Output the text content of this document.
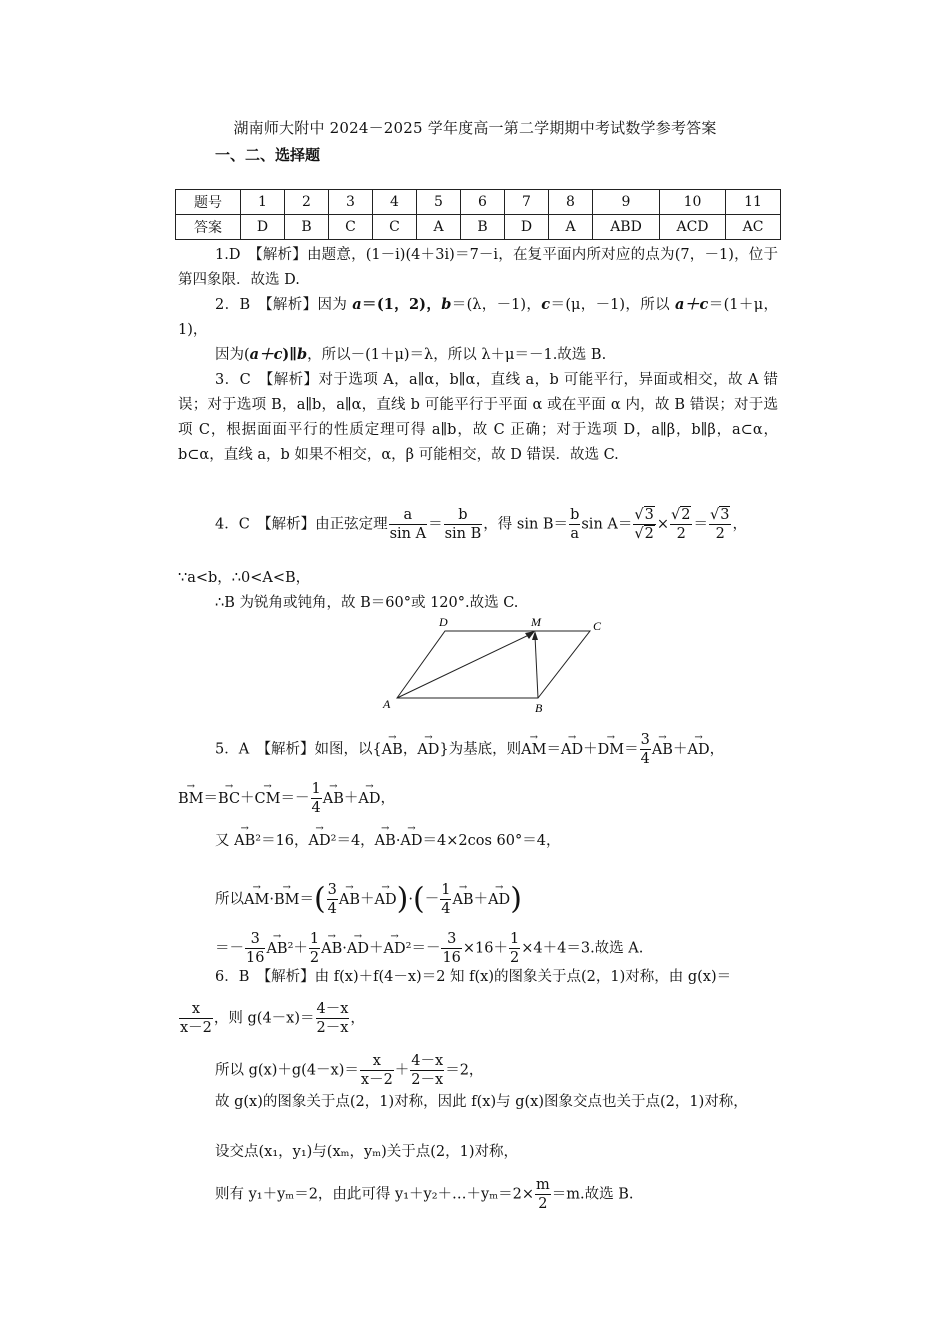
湖南师大附中 2024－2025 学年度高一第二学期期中考试数学参考答案
一、二、选择题
题号	1	2	3	4	5	6	7	8	9	10	11
答案	D	B	C	C	A	B	D	A	ABD	ACD	AC
1.D　【解析】由题意，(1－i)(4＋3i)＝7－i，在复平面内所对应的点为(7，－1)，位于第四象限．故选 D.
2．B　【解析】因为 a＝(1，2)，b＝(λ，－1)，c＝(μ，－1)，所以 a＋c＝(1＋μ，1)，
因为(a＋c)∥b，所以－(1＋μ)＝λ，所以 λ＋μ＝－1.故选 B.
3．C　【解析】对于选项 A，a∥α，b∥α，直线 a，b 可能平行，异面或相交，故 A 错误；对于选项 B，a∥b，a∥α，直线 b 可能平行于平面 α 或在平面 α 内，故 B 错误；对于选项 C，根据面面平行的性质定理可得 a∥b，故 C 正确；对于选项 D，a∥β，b∥β，a⊂α，b⊂α，直线 a，b 如果不相交，α，β 可能相交，故 D 错误．故选 C.
4．C　【解析】由正弦定理 $\frac{a}{\text{sin A}} = \frac{b}{\text{sin B}}$ ，得 $\sin B= \frac{b}{a}$ $\sin A= \frac{√3}{√2} \times \frac{√2}{2} = \frac{√3}{2}$ ，
∵a<b，∴0<A<B，
∴B 为锐角或钝角，故 B＝60°或 120°.故选 C.
A	B
C
D	M
5．A　【解析】如图，以{→ AB，→ AD}为基底，则→ $AM=\to AD+\to DM= \frac{3}{4} \to AB+\to$ AD，
→ $BM=\to BC+\to CM=- \frac{1}{4} \to AB+\to$ AD，
又 → AB²＝16，→ AD²＝4，→ AB·→ AD＝4×2cos 60°＝4，
所以→ $AM\cdot\to BM=( \frac{3}{4} \to AB+\to AD)\cdot(- \frac{1}{4} \to AB+\to AD)$
＝－ $\frac{3}{16} \to AB^2+ \frac{1}{2} \to AB\cdot\to AD+\to AD^2=- \frac{3}{16} \times 16+ \frac{1}{2} \times 4+4=3$.故选 A.
6．B　【解析】由 f(x)＋f(4－x)＝2 知 f(x)的图象关于点(2，1)对称，由 g(x)＝
$\frac{x}{x-2}$ ，则 $g(4-x)= \frac{4-x}{2-x}$ ，
所以 $g(x)+g(4-x)= \frac{x}{x-2} + \frac{4-x}{2-x} =2$，
故 g(x)的图象关于点(2，1)对称，因此 f(x)与 g(x)图象交点也关于点(2，1)对称，
设交点(x₁，y₁)与(xₘ，yₘ)关于点(2，1)对称，
则有 y₁＋yₘ＝2，由此可得 y₁＋y₂＋…＋yₘ＝2× $\frac{m}{2} =m$.故选 B.
